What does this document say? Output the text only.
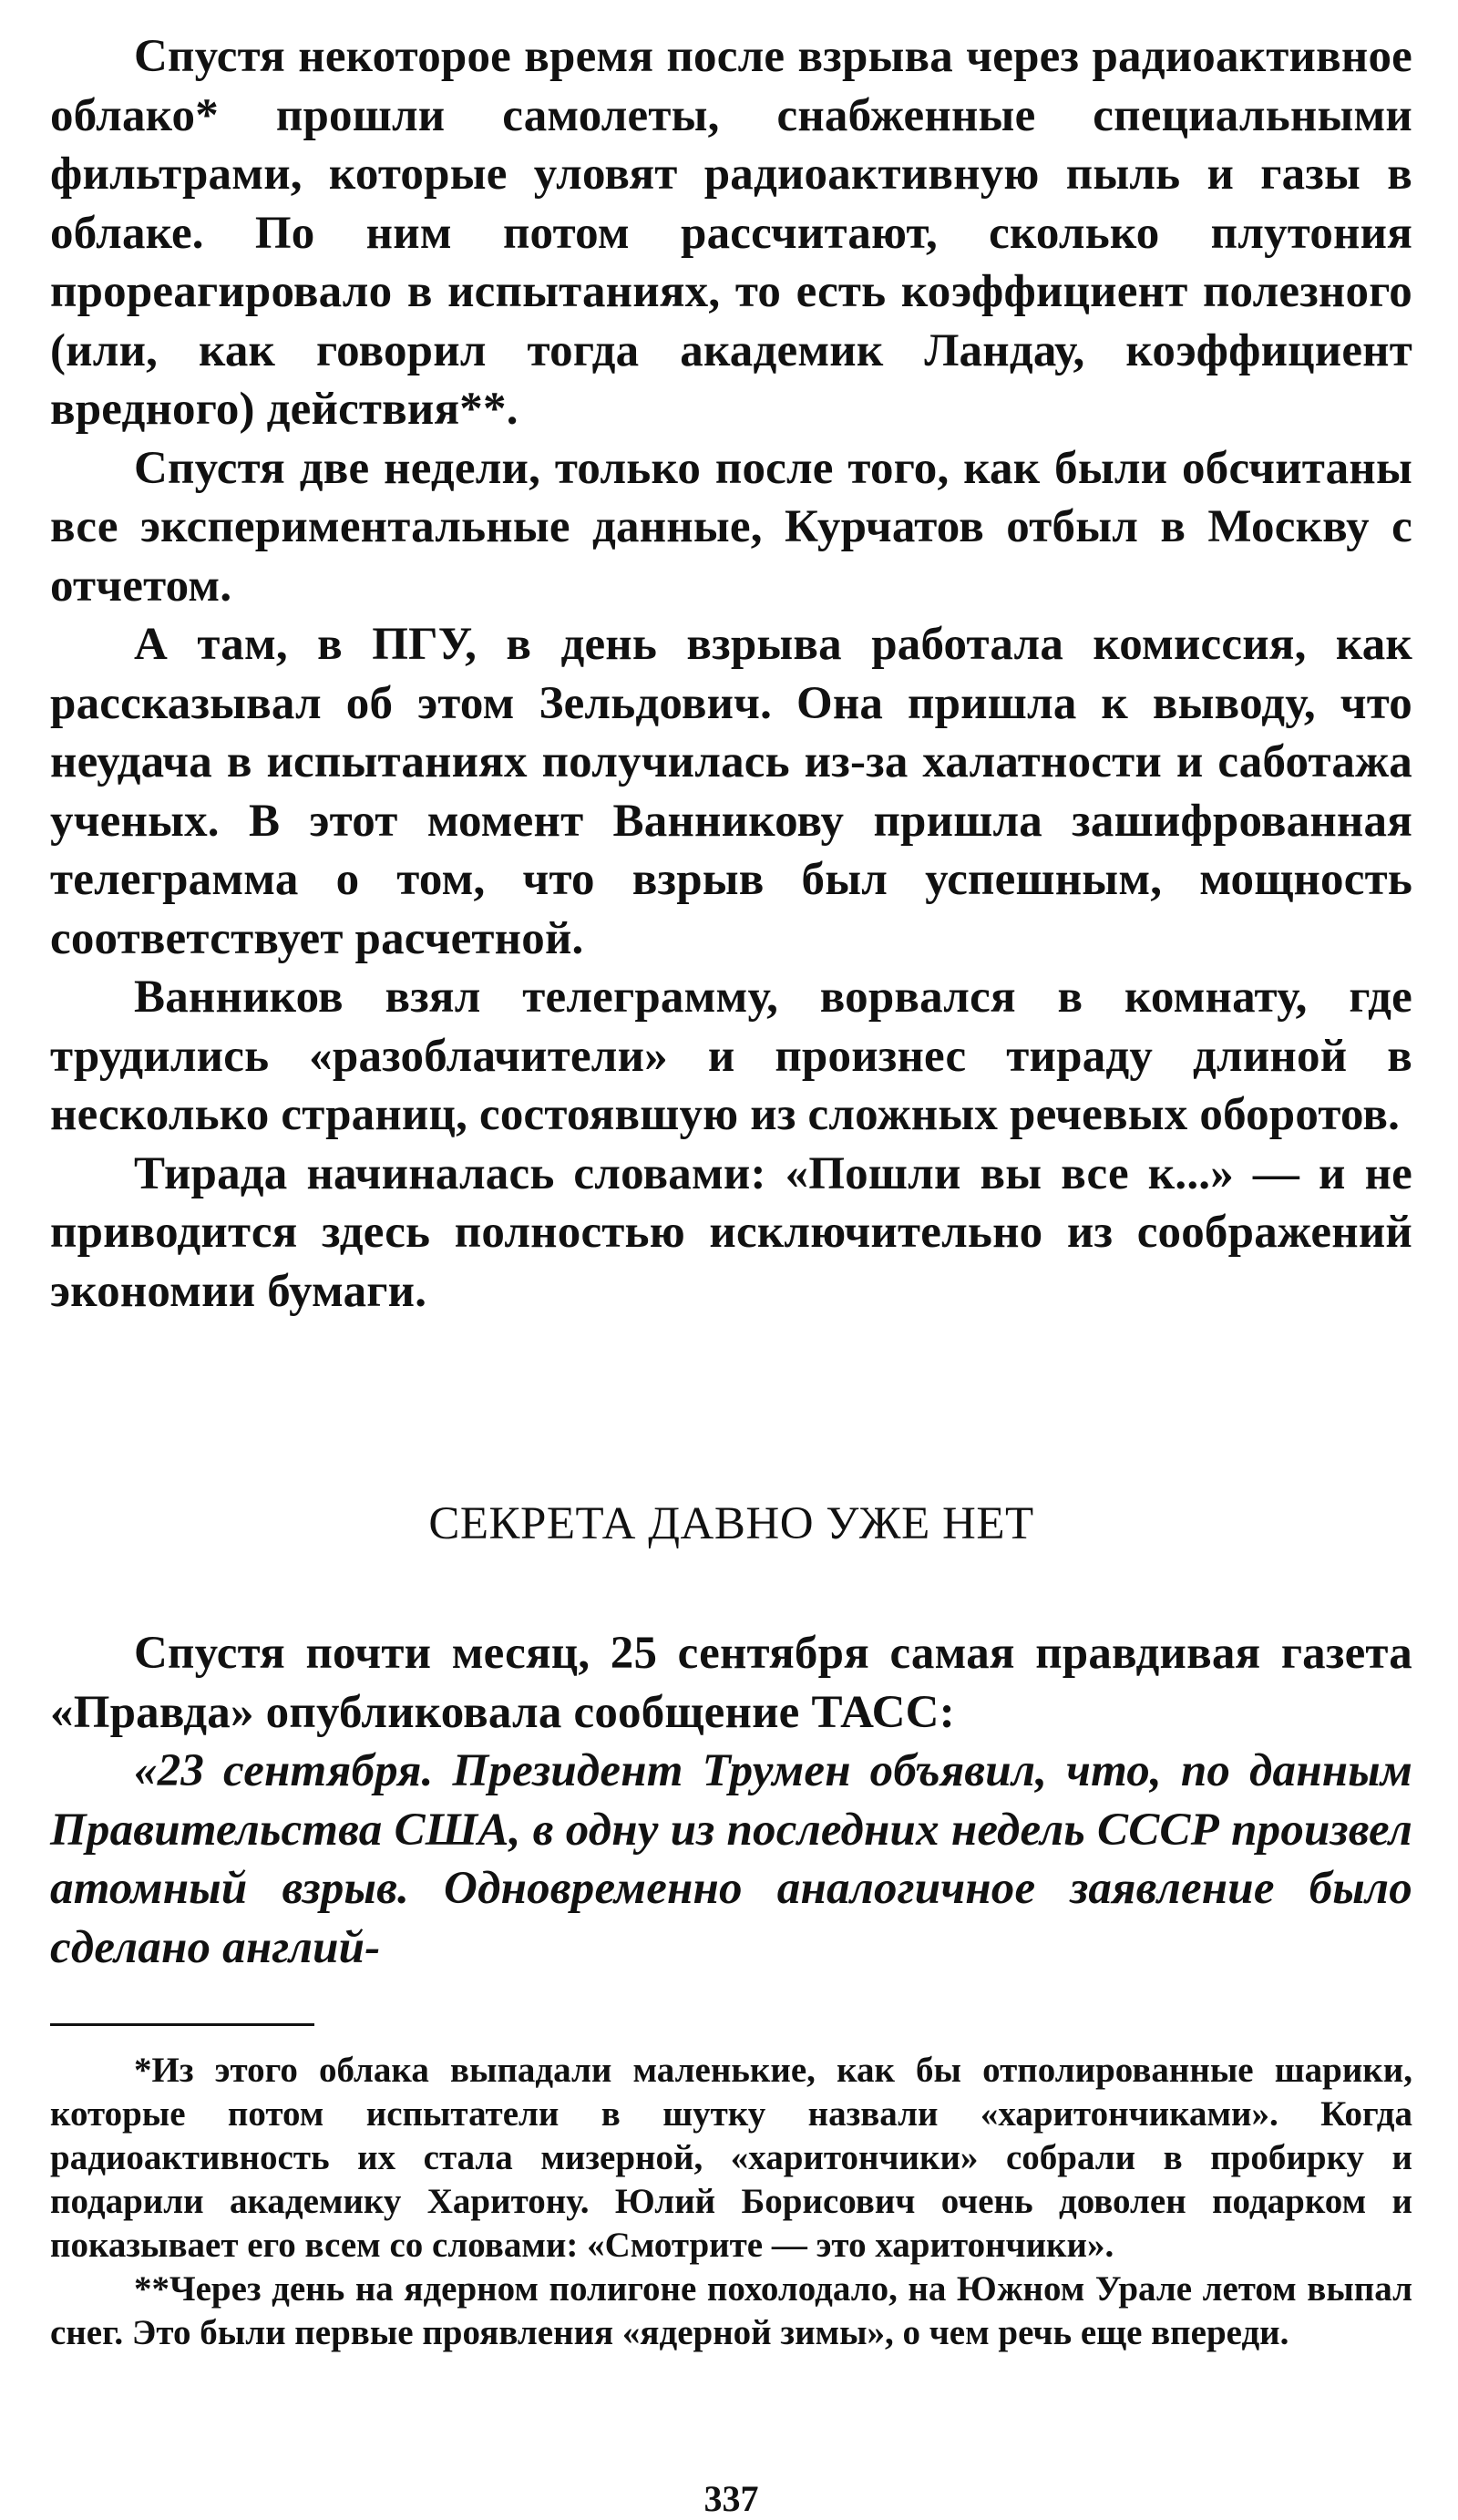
Спустя некоторое время после взрыва через радиоактивное облако* прошли самолеты, снабженные специальными фильтрами, которые уловят радиоактивную пыль и газы в облаке. По ним потом рассчитают, сколько плутония прореагировало в испытаниях, то есть коэффициент полезного (или, как говорил тогда академик Ландау, коэффициент вредного) действия**.

Спустя две недели, только после того, как были обсчитаны все экспериментальные данные, Курчатов отбыл в Москву с отчетом.

А там, в ПГУ, в день взрыва работала комиссия, как рассказывал об этом Зельдович. Она пришла к выводу, что неудача в испытаниях получилась из-за халатности и саботажа ученых. В этот момент Ванникову пришла зашифрованная телеграмма о том, что взрыв был успешным, мощность соответствует расчетной.

Ванников взял телеграмму, ворвался в комнату, где трудились «разоблачители» и произнес тираду длиной в несколько страниц, состоявшую из сложных речевых оборотов.

Тирада начиналась словами: «Пошли вы все к...» — и не приводится здесь полностью исключительно из соображений экономии бумаги.

СЕКРЕТА ДАВНО УЖЕ НЕТ

Спустя почти месяц, 25 сентября самая правдивая газета «Правда» опубликовала сообщение ТАСС:

«23 сентября. Президент Трумен объявил, что, по данным Правительства США, в одну из последних недель СССР произвел атомный взрыв. Одновременно аналогичное заявление было сделано англий-

*Из этого облака выпадали маленькие, как бы отполированные шарики, которые потом испытатели в шутку назвали «харитончиками». Когда радиоактивность их стала мизерной, «харитончики» собрали в пробирку и подарили академику Харитону. Юлий Борисович очень доволен подарком и показывает его всем со словами: «Смотрите — это харитончики».

**Через день на ядерном полигоне похолодало, на Южном Урале летом выпал снег. Это были первые проявления «ядерной зимы», о чем речь еще впереди.

337
